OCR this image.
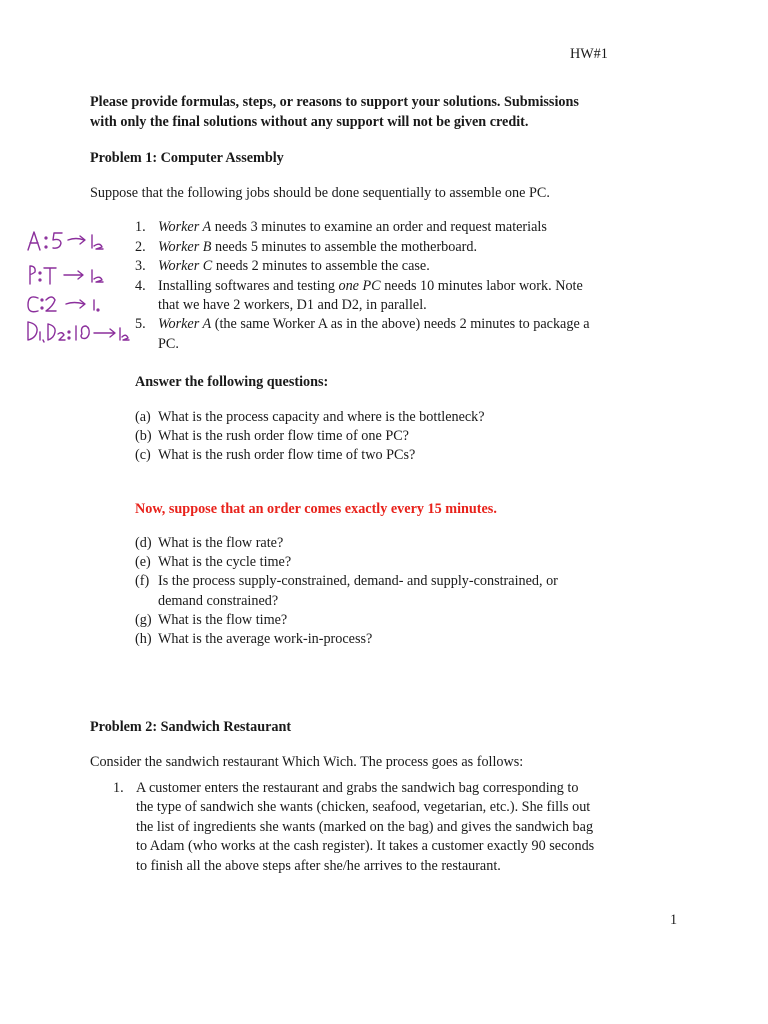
HW#1
Please provide formulas, steps, or reasons to support your solutions. Submissions
with only the final solutions without any support will not be given credit.
Problem 1: Computer Assembly
Suppose that the following jobs should be done sequentially to assemble one PC.
1. Worker A needs 3 minutes to examine an order and request materials
2. Worker B needs 5 minutes to assemble the motherboard.
3. Worker C needs 2 minutes to assemble the case.
4. Installing softwares and testing one PC needs 10 minutes labor work. Note
that we have 2 workers, D1 and D2, in parallel.
5. Worker A (the same Worker A as in the above) needs 2 minutes to package a
PC.
Answer the following questions:
(a) What is the process capacity and where is the bottleneck?
(b) What is the rush order flow time of one PC?
(c) What is the rush order flow time of two PCs?
Now, suppose that an order comes exactly every 15 minutes.
(d) What is the flow rate?
(e) What is the cycle time?
(f) Is the process supply-constrained, demand- and supply-constrained, or
demand constrained?
(g) What is the flow time?
(h) What is the average work-in-process?
Problem 2: Sandwich Restaurant
Consider the sandwich restaurant Which Wich. The process goes as follows:
1. A customer enters the restaurant and grabs the sandwich bag corresponding to
the type of sandwich she wants (chicken, seafood, vegetarian, etc.). She fills out
the list of ingredients she wants (marked on the bag) and gives the sandwich bag
to Adam (who works at the cash register). It takes a customer exactly 90 seconds
to finish all the above steps after she/he arrives to the restaurant.
1
